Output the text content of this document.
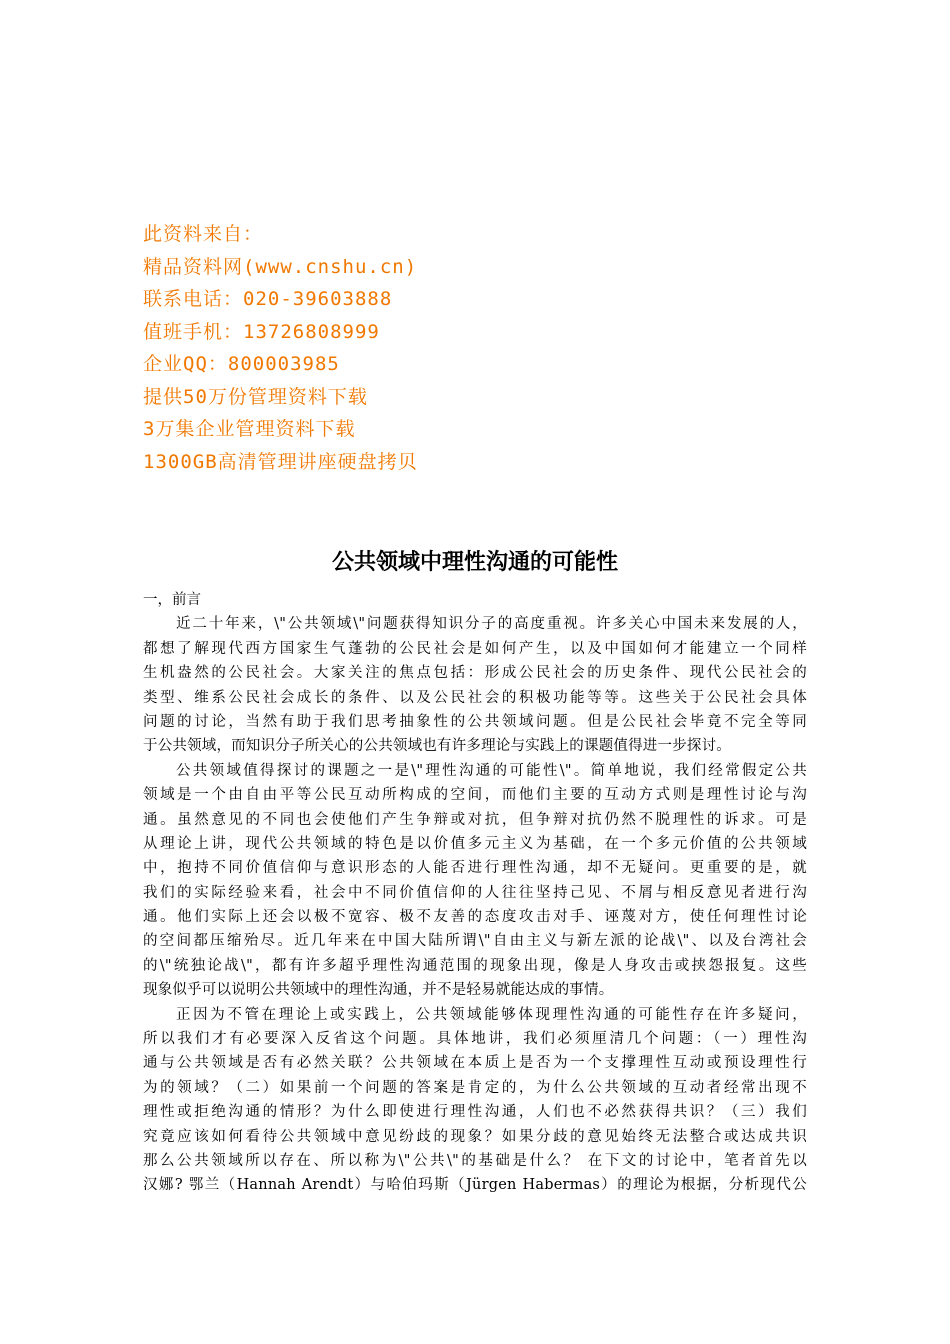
此资料来自：
精品资料网(www.cnshu.cn)
联系电话：020-39603888
值班手机：13726808999
企业QQ：800003985
提供50万份管理资料下载
3万集企业管理资料下载
1300GB高清管理讲座硬盘拷贝
公共领域中理性沟通的可能性
一，前言
近二十年来，\"公共领域\"问题获得知识分子的高度重视。许多关心中国未来发展的人，
都想了解现代西方国家生气蓬勃的公民社会是如何产生，以及中国如何才能建立一个同样
生机盎然的公民社会。大家关注的焦点包括：形成公民社会的历史条件、现代公民社会的
类型、维系公民社会成长的条件、以及公民社会的积极功能等等。这些关于公民社会具体
问题的讨论，当然有助于我们思考抽象性的公共领域问题。但是公民社会毕竟不完全等同
于公共领域，而知识分子所关心的公共领域也有许多理论与实践上的课题值得进一步探讨。
公共领域值得探讨的课题之一是\"理性沟通的可能性\"。简单地说，我们经常假定公共
领域是一个由自由平等公民互动所构成的空间，而他们主要的互动方式则是理性讨论与沟
通。虽然意见的不同也会使他们产生争辩或对抗，但争辩对抗仍然不脱理性的诉求。可是
从理论上讲，现代公共领域的特色是以价值多元主义为基础，在一个多元价值的公共领域
中，抱持不同价值信仰与意识形态的人能否进行理性沟通，却不无疑问。更重要的是，就
我们的实际经验来看，社会中不同价值信仰的人往往坚持己见、不屑与相反意见者进行沟
通。他们实际上还会以极不宽容、极不友善的态度攻击对手、诬蔑对方，使任何理性讨论
的空间都压缩殆尽。近几年来在中国大陆所谓\"自由主义与新左派的论战\"、以及台湾社会
的\"统独论战\"，都有许多超乎理性沟通范围的现象出现，像是人身攻击或挟怨报复。这些
现象似乎可以说明公共领域中的理性沟通，并不是轻易就能达成的事情。
正因为不管在理论上或实践上，公共领域能够体现理性沟通的可能性存在许多疑问，
所以我们才有必要深入反省这个问题。具体地讲，我们必须厘清几个问题：（一）理性沟
通与公共领域是否有必然关联？公共领域在本质上是否为一个支撑理性互动或预设理性行
为的领域？（二）如果前一个问题的答案是肯定的，为什么公共领域的互动者经常出现不
理性或拒绝沟通的情形？为什么即使进行理性沟通，人们也不必然获得共识？（三）我们
究竟应该如何看待公共领域中意见纷歧的现象？如果分歧的意见始终无法整合或达成共识
那么公共领域所以存在、所以称为\"公共\"的基础是什么？ 在下文的讨论中，笔者首先以
汉娜? 鄂兰（Hannah Arendt）与哈伯玛斯（Jürgen Habermas）的理论为根据，分析现代公
